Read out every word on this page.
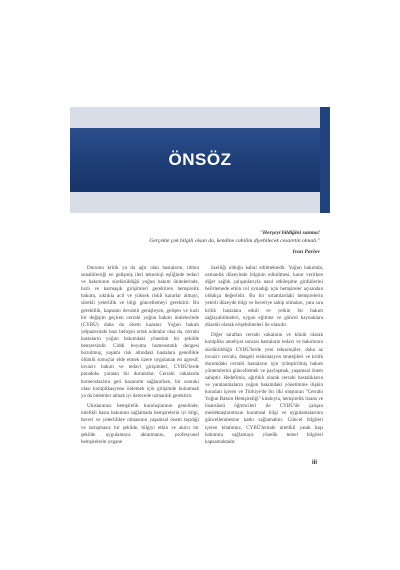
ÖNSÖZ
"Herşeyi bildiğini sanma!
Gerçekte çok bilgili olsan da, kendine cahilim diyebilecek cesaretin olmalı."
Ivan Pavlov

Durumu kritik ya da ağır olan hastaların, tıbbın sunabileceği en gelişmiş ileri teknoloji eşliğinde tedavi ve bakımının sürdürüldüğü yoğun bakım ünitelerinde, hızlı ve karmaşık girişimleri gerektiren hemşirelik bakımı, sıklıkla acil ve yüksek riskli kararlar almayı, sürekli yeterlilik ve bilgi güncellemeyi gerektirir. Bu gereklilik, kapsamı devamlı genişleyen, gelişen ve hızlı bir değişim geçiren cerrahi yoğun bakım ünitelerinde (CYBÜ) daha da önem kazanır. Yoğun bakım yelpazesinde bazı belirgin ortak noktalar olsa da, cerrahi hastaların yoğun bakımdaki yönetimi bir şekilde benzersizdir. Ciddi boyutta homeostatik dengesi bozulmuş, yaşamı risk altındaki hastalara genellikle ölümlü sonuçlar elde etmek üzere uygulanan en agresif, invaziv bakım ve tedavi girişimleri, CYBÜ'lerde paradoks yaratan bir durumdur. Cerrahi vakalarda homeostazisin geri kazanımı sağlanırken, bir sonraki olası komplikasyonu önlemek için girişimde bulunmak ya da önlemler almak iyi derecede uzmanlık gerektirir.

Uluslararası hemşirelik kuruluşlarının genelinde, nitelikli hasta bakımını sağlamada hemşirelerin iyi bilgi, beceri ve yeterlilikte olmasının yaşamsal önem taşıdığı ve tartışmasız bir şekilde, bilgiyi etkin ve akılcı bir şekilde uygulamaya aktarmanın, profesyonel hemşirelerin yegane

özelliği olduğu kabul edilmektedir. Yoğun bakımda, uzmanlık düzeyinde bilginin edinilmesi, karar verirken diğer sağlık çalışanlarıyla nasıl etkileşime girdiklerini belirlemede etkin rol oynadığı için hemşireler açısından oldukça değerlidir. Bu bir ortamlardaki hemşirelerin yeterli düzeyde bilgi ve beceriye sahip olmaları, yanı sıra kritik hastalara etkili ve yetkin bir bakım sağlayabilmeleri, uygun eğitime ve güncel kaynaklara düzenli olarak erişebilmeleri ile olasıdır.

Diğer taraftan cerrahi vakaların ve klinik olarak kompliks ameliyat sonrası hastaların tedavi ve bakımının sürdürüldüğü CYBÜ'lerde yeni teknolojiler, daha az invaziv cerrahi, dengeli resüsitasyon stratejileri ve kritik durumdaki cerrahi hastaların için iyileştirilmiş bakım yöntemlerini güncellemek ve paylaşmak, yaşamsal önem sahiptir. Hedefimiz, ağırlıklı olarak cerrahi hastalıkların ve yaralanmaların yoğun bakımdaki yönetimine ilişkin konuları içeren ve Türkiye'de bir ilki oluşturan "Cerrahi Yoğun Bakım Hemşireliği" kitabıyla, hemşirelik lisans ve lisansüstü öğrencileri ile CYBÜ'de çalışan meslektaşlarımızın kuramsal bilgi ve uygulamalarının güncellenmesine katkı sağlamaktır. Güncel bilgileri içeren kitabımız, CYBÜ'lerinde nitelikli yatak başı bakımını sağlamaya yönelik temel bilgileri kapsamaktadır.

iii
